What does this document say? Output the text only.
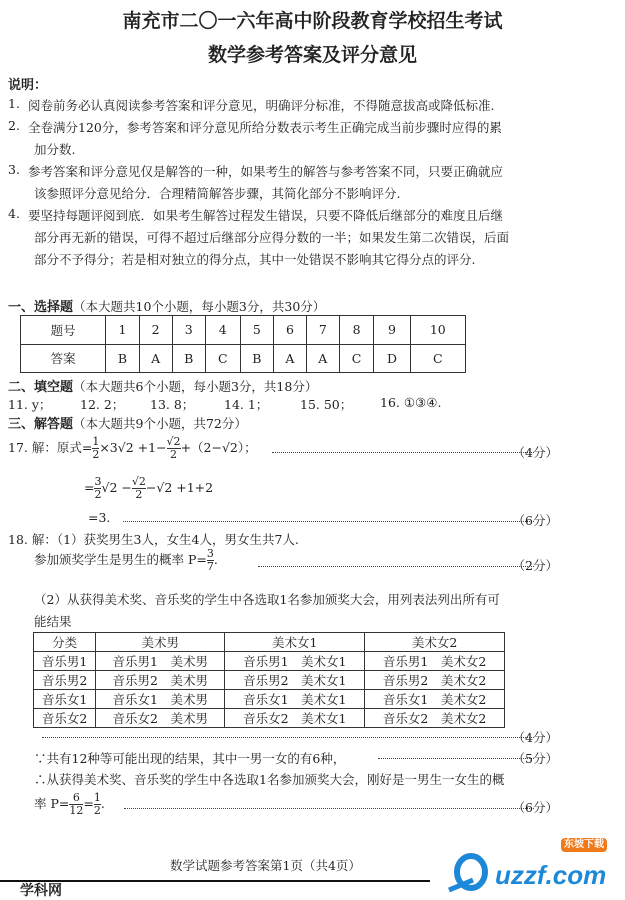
南充市二〇一六年高中阶段教育学校招生考试
数学参考答案及评分意见
说明：
1. 阅卷前务必认真阅读参考答案和评分意见，明确评分标准，不得随意拔高或降低标准.
2. 全卷满分120分，参考答案和评分意见所给分数表示考生正确完成当前步骤时应得的累
加分数.
3. 参考答案和评分意见仅是解答的一种，如果考生的解答与参考答案不同，只要正确就应
该参照评分意见给分．合理精简解答步骤，其简化部分不影响评分.
4. 要坚持每题评阅到底．如果考生解答过程发生错误，只要不降低后继部分的难度且后继
部分再无新的错误，可得不超过后继部分应得分数的一半；如果发生第二次错误，后面
部分不予得分；若是相对独立的得分点，其中一处错误不影响其它得分点的评分.
一、选择题（本大题共10个小题，每小题3分，共30分）
题号	1	2	3	4	5	6	7	8	9	10
答案	B	A	B	C	B	A	A	C	D	C
二、填空题（本大题共6个小题，每小题3分，共18分）
11. y； 12. 2； 13. 8； 14. 1；	15. 50； 16. ①③④.
三、解答题（本大题共9个小题，共72分）
17. 解：原式= $\frac{1}{2} \times 3√2 +1- \frac{√2}{2} +(2-√2)$；	（4分）
= $\frac{3}{2} √2 - \frac{√2}{2} -√2 +1+2$
=3.	（6分）
18. 解：（1）获奖男生3人，女生4人，男女生共7人.
参加颁奖学生是男生的概率 $P= \frac{3}{7}$ .	（2分）
（2）从获得美术奖、音乐奖的学生中各选取1名参加颁奖大会，用列表法列出所有可
能结果
分类	美术男	美术女1	美术女2
音乐男1	音乐男1　美术男	音乐男1　美术女1	音乐男1　美术女2
音乐男2	音乐男2　美术男	音乐男2　美术女1	音乐男2　美术女2
音乐女1	音乐女1　美术男	音乐女1　美术女1	音乐女1　美术女2
音乐女2	音乐女2　美术男	音乐女2　美术女1	音乐女2　美术女2
（4分）
∵共有12种等可能出现的结果，其中一男一女的有6种，	（5分）
∴从获得美术奖、音乐奖的学生中各选取1名参加颁奖大会，刚好是一男生一女生的概
率 $P= \frac{6}{12} = \frac{1}{2}$ .	（6分）
数学试题参考答案第1页（共4页）	uzzf.com
东坡下载
学科网
